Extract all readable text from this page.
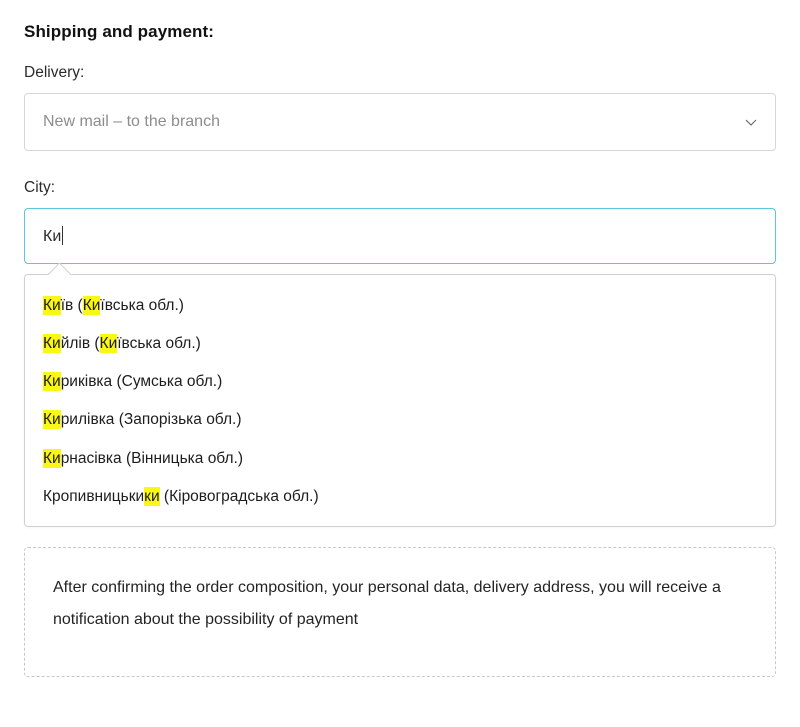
Shipping and payment:
Delivery:
New mail – to the branch
City:
Ки
Київ (Київська обл.)
Кийлів (Київська обл.)
Кириківка (Сумська обл.)
Кирилівка (Запорізька обл.)
Кирнасівка (Вінницька обл.)
Кропивницькики (Кіровоградська обл.)

After confirming the order composition, your personal data, delivery address, you will receive a notification about the possibility of payment
